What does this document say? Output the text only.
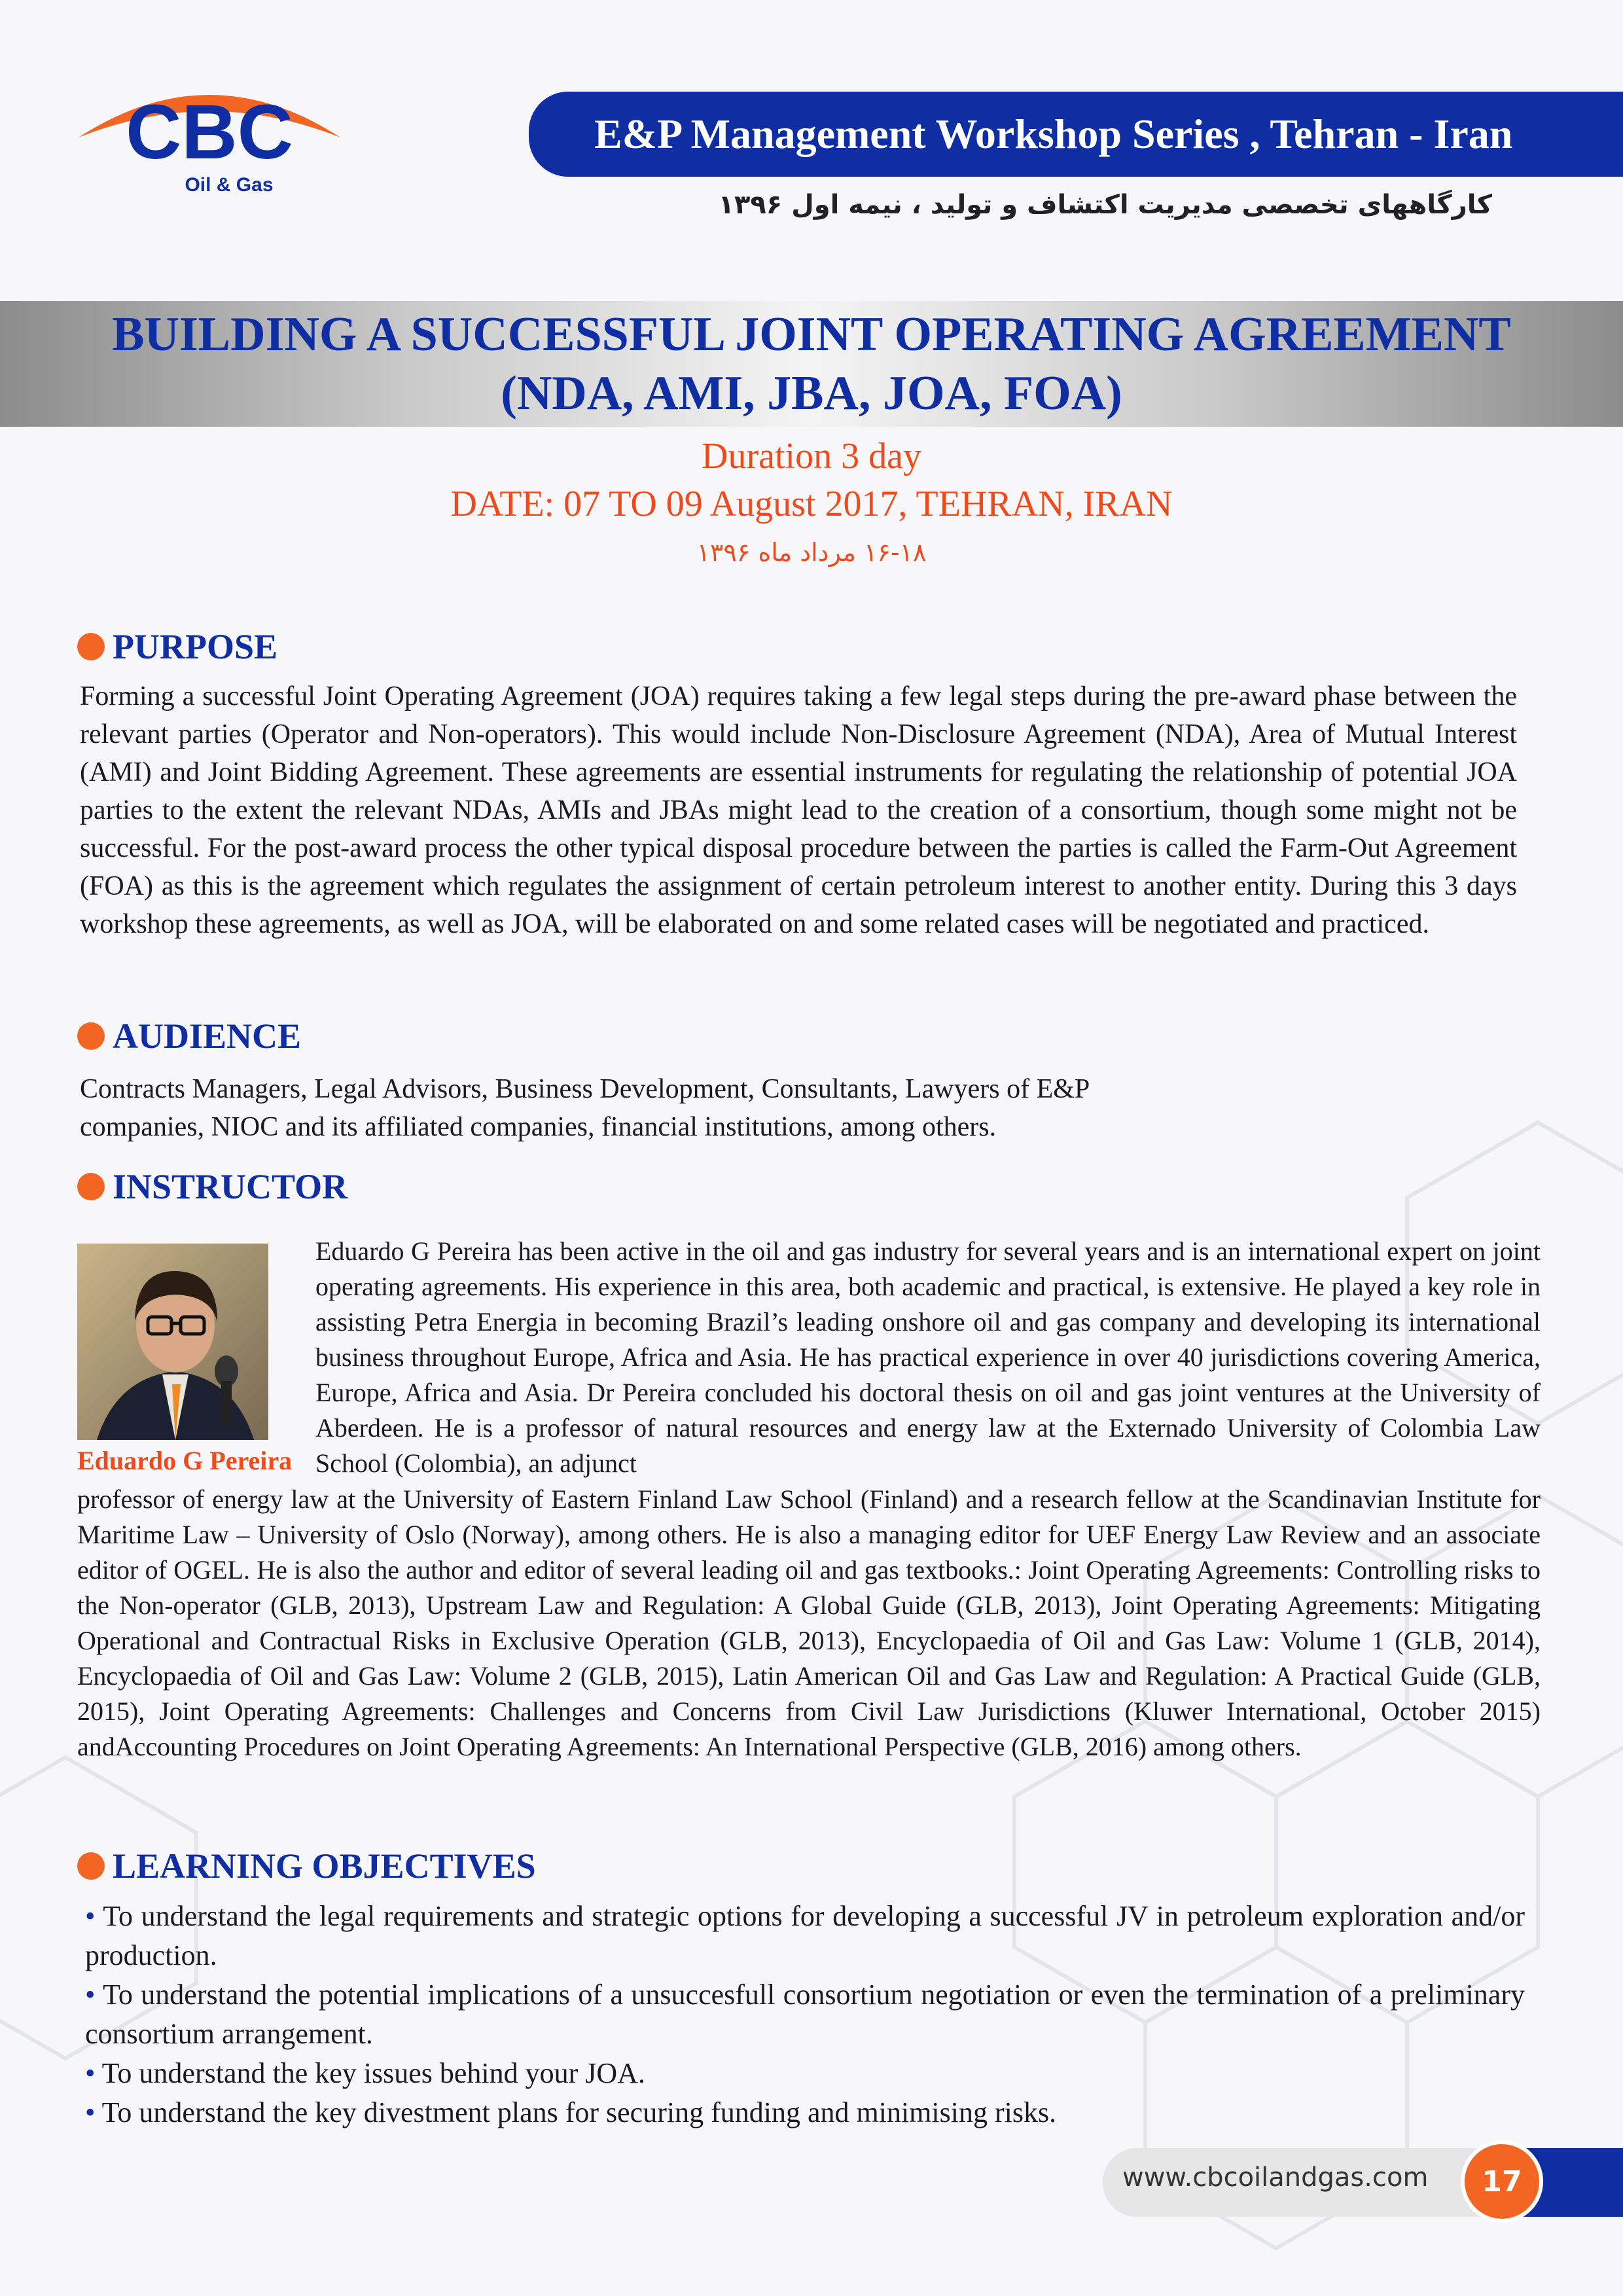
CBC
Oil & Gas
E&P Management Workshop Series , Tehran - Iran
کارگاههای تخصصی مدیریت اکتشاف و تولید ، نیمه اول ۱۳۹۶
BUILDING A SUCCESSFUL JOINT OPERATING AGREEMENT
(NDA, AMI, JBA, JOA, FOA)
Duration 3 day
DATE: 07 TO 09 August 2017, TEHRAN, IRAN
۱۶-۱۸ مرداد ماه ۱۳۹۶
PURPOSE
Forming a successful Joint Operating Agreement (JOA) requires taking a few legal steps during the pre-award phase between the relevant parties (Operator and Non-operators). This would include Non-Disclosure Agreement (NDA), Area of Mutual Interest (AMI) and Joint Bidding Agreement. These agreements are essential instruments for regulating the relationship of potential JOA parties to the extent the relevant NDAs, AMIs and JBAs might lead to the creation of a consortium, though some might not be successful. For the post-award process the other typical disposal procedure between the parties is called the Farm-Out Agreement (FOA) as this is the agreement which regulates the assignment of certain petroleum interest to another entity. During this 3 days workshop these agreements, as well as JOA, will be elaborated on and some related cases will be negotiated and practiced.
AUDIENCE
Contracts Managers, Legal Advisors, Business Development, Consultants, Lawyers of E&P
companies, NIOC and its affiliated companies, financial institutions, among others.
INSTRUCTOR
Eduardo G Pereira
Eduardo G Pereira has been active in the oil and gas industry for several years and is an international expert on joint operating agreements. His experience in this area, both academic and practical, is extensive. He played a key role in assisting Petra Energia in becoming Brazil’s leading onshore oil and gas company and developing its international business throughout Europe, Africa and Asia. He has practical experience in over 40 jurisdictions covering America, Europe, Africa and Asia. Dr Pereira concluded his doctoral thesis on oil and gas joint ventures at the University of Aberdeen. He is a professor of natural resources and energy law at the Externado University of Colombia Law School (Colombia), an adjunct
professor of energy law at the University of Eastern Finland Law School (Finland) and a research fellow at the Scandinavian Institute for Maritime Law – University of Oslo (Norway), among others. He is also a managing editor for UEF Energy Law Review and an associate editor of OGEL. He is also the author and editor of several leading oil and gas textbooks.: Joint Operating Agreements: Controlling risks to the Non-operator (GLB, 2013), Upstream Law and Regulation: A Global Guide (GLB, 2013), Joint Operating Agreements: Mitigating Operational and Contractual Risks in Exclusive Operation (GLB, 2013), Encyclopaedia of Oil and Gas Law: Volume 1 (GLB, 2014), Encyclopaedia of Oil and Gas Law: Volume 2 (GLB, 2015), Latin American Oil and Gas Law and Regulation: A Practical Guide (GLB, 2015), Joint Operating Agreements: Challenges and Concerns from Civil Law Jurisdictions (Kluwer International, October 2015) andAccounting Procedures on Joint Operating Agreements: An International Perspective (GLB, 2016) among others.
LEARNING OBJECTIVES
• To understand the legal requirements and strategic options for developing a successful JV in petroleum exploration and/or production.
• To understand the potential implications of a unsuccesfull consortium negotiation or even the termination of a preliminary consortium arrangement.
• To understand the key issues behind your JOA.
• To understand the key divestment plans for securing funding and minimising risks.
www.cbcoilandgas.com	17
